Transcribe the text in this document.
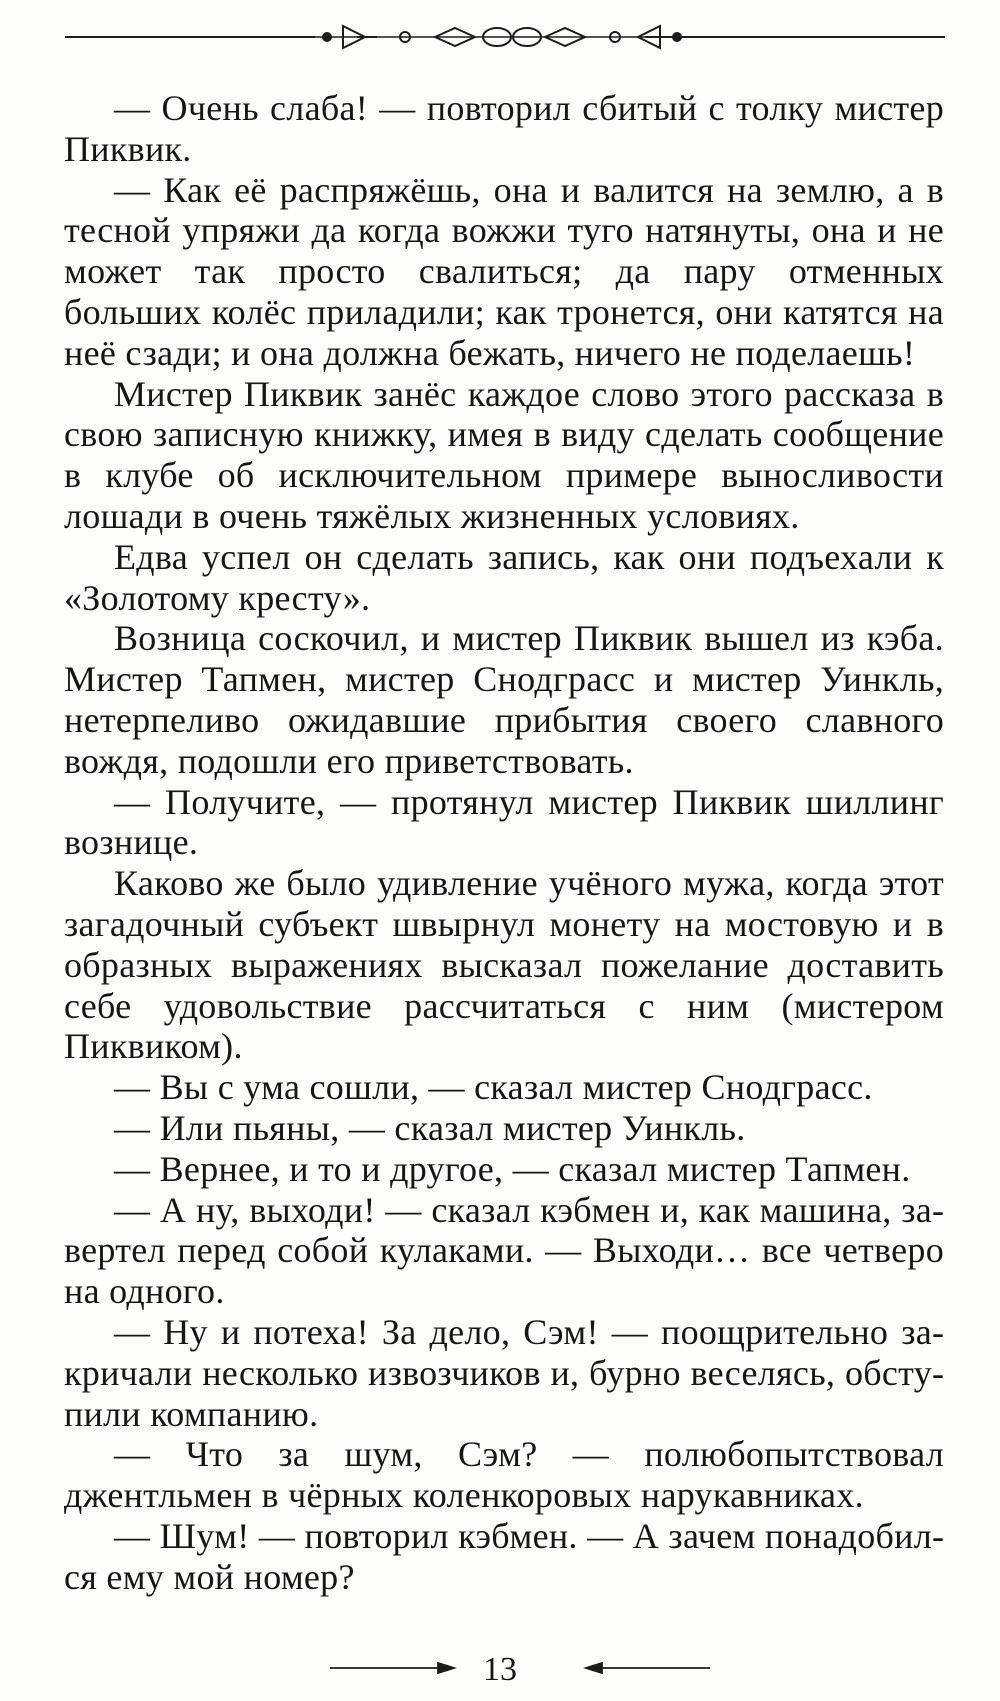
— Очень слаба! — повторил сбитый с толку мистер Пиквик.

— Как её распряжёшь, она и валится на землю, а в тесной упряжи да когда вожжи туго натянуты, она и не может так просто свалиться; да пару отменных больших колёс приладили; как тронется, они катятся на неё сзади; и она должна бежать, ничего не поделаешь!

Мистер Пиквик занёс каждое слово этого рассказа в свою записную книжку, имея в виду сделать сообщение в клубе об исключительном примере выносливости лошади в очень тяжёлых жизненных условиях.

Едва успел он сделать запись, как они подъехали к «Золотому кресту».

Возница соскочил, и мистер Пиквик вышел из кэба. Мистер Тапмен, мистер Снодграсс и мистер Уинкль, нетерпеливо ожидавшие прибытия своего славного вождя, подошли его приветствовать.

— Получите, — протянул мистер Пиквик шиллинг вознице.

Каково же было удивление учёного мужа, когда этот загадочный субъект швырнул монету на мостовую и в образных выражениях высказал пожелание доставить себе удовольствие рассчитаться с ним (мистером Пиквиком).

— Вы с ума сошли, — сказал мистер Снодграсс.

— Или пьяны, — сказал мистер Уинкль.

— Вернее, и то и другое, — сказал мистер Тапмен.

— А ну, выходи! — сказал кэбмен и, как машина, завертел перед собой кулаками. — Выходи… все четверо на одного.

— Ну и потеха! За дело, Сэм! — поощрительно закричали несколько извозчиков и, бурно веселясь, обступили компанию.

— Что за шум, Сэм? — полюбопытствовал джентльмен в чёрных коленкоровых нарукавниках.

— Шум! — повторил кэбмен. — А зачем понадобился ему мой номер?

13
